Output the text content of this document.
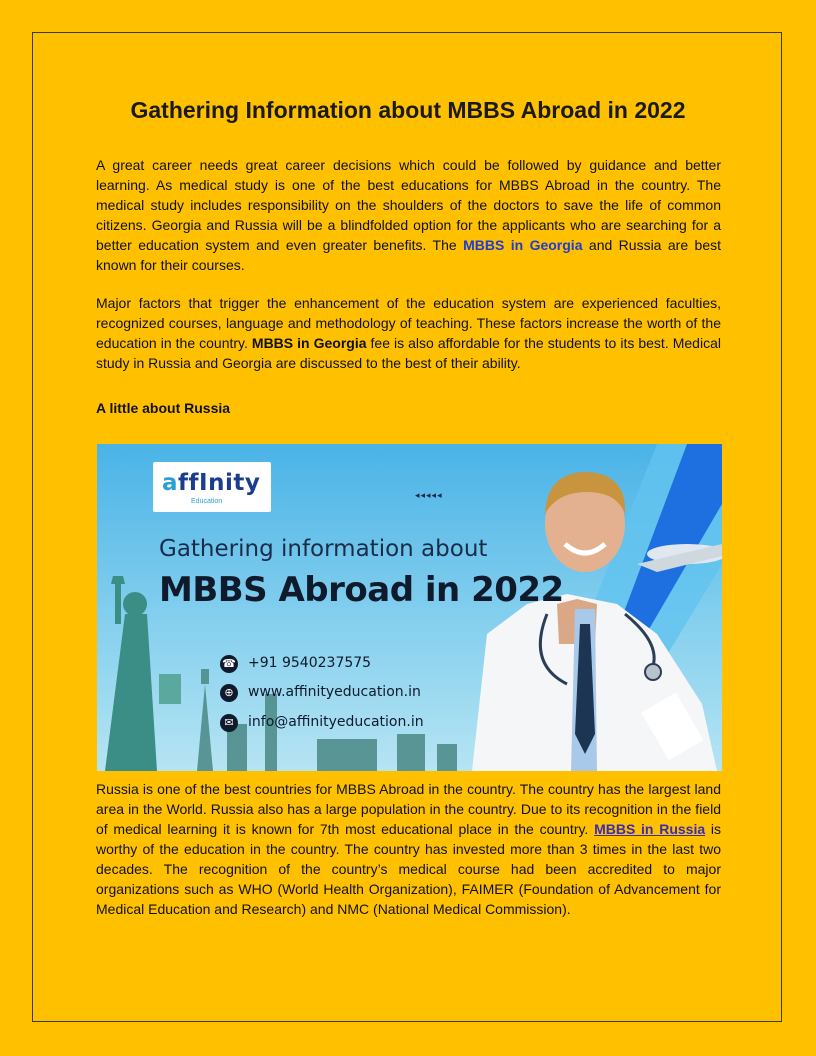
Gathering Information about MBBS Abroad in 2022

A great career needs great career decisions which could be followed by guidance and better learning. As medical study is one of the best educations for MBBS Abroad in the country. The medical study includes responsibility on the shoulders of the doctors to save the life of common citizens. Georgia and Russia will be a blindfolded option for the applicants who are searching for a better education system and even greater benefits. The MBBS in Georgia and Russia are best known for their courses.

Major factors that trigger the enhancement of the education system are experienced faculties, recognized courses, language and methodology of teaching. These factors increase the worth of the education in the country. MBBS in Georgia fee is also affordable for the students to its best. Medical study in Russia and Georgia are discussed to the best of their ability.

A little about Russia
affInity
Education
◂◂◂◂◂
Gathering information about
MBBS Abroad in 2022
☎ +91 9540237575
⊕	www.affinityeducation.in
✉	info@affinityeducation.in

Russia is one of the best countries for MBBS Abroad in the country. The country has the largest land area in the World. Russia also has a large population in the country. Due to its recognition in the field of medical learning it is known for 7th most educational place in the country. MBBS in Russia is worthy of the education in the country. The country has invested more than 3 times in the last two decades. The recognition of the country’s medical course had been accredited to major organizations such as WHO (World Health Organization), FAIMER (Foundation of Advancement for Medical Education and Research) and NMC (National Medical Commission).
